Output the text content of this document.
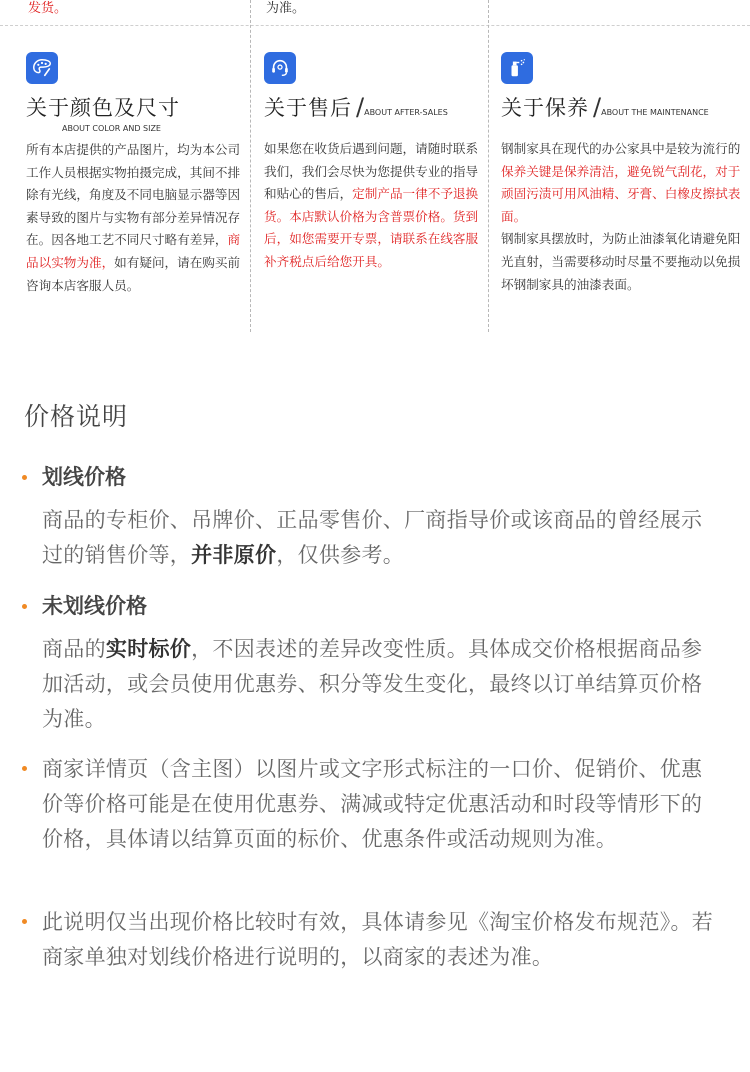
发货。	为准。
关于颜色及尺寸
ABOUT COLOR AND SIZE
所有本店提供的产品图片，均为本公司工作人员根据实物拍摄完成，其间不排除有光线，角度及不同电脑显示器等因素导致的图片与实物有部分差异情况存在。因各地工艺不同尺寸略有差异，商品以实物为准，如有疑问，请在购买前咨询本店客服人员。
关于售后 /ABOUT AFTER-SALES
如果您在收货后遇到问题，请随时联系我们，我们会尽快为您提供专业的指导和贴心的售后，定制产品一律不予退换货。本店默认价格为含普票价格。货到后，如您需要开专票，请联系在线客服补齐税点后给您开具。
关于保养 /ABOUT THE MAINTENANCE
钢制家具在现代的办公家具中是较为流行的
保养关键是保养清洁，避免锐气刮花，对于顽固污渍可用风油精、牙膏、白橡皮擦拭表面。
钢制家具摆放时，为防止油漆氧化请避免阳光直射，当需要移动时尽量不要拖动以免损坏钢制家具的油漆表面。
价格说明
划线价格
商品的专柜价、吊牌价、正品零售价、厂商指导价或该商品的曾经展示过的销售价等，并非原价，仅供参考。
未划线价格
商品的实时标价，不因表述的差异改变性质。具体成交价格根据商品参加活动，或会员使用优惠券、积分等发生变化，最终以订单结算页价格为准。
商家详情页（含主图）以图片或文字形式标注的一口价、促销价、优惠价等价格可能是在使用优惠券、满减或特定优惠活动和时段等情形下的价格，具体请以结算页面的标价、优惠条件或活动规则为准。
此说明仅当出现价格比较时有效，具体请参见《淘宝价格发布规范》。若商家单独对划线价格进行说明的，以商家的表述为准。
